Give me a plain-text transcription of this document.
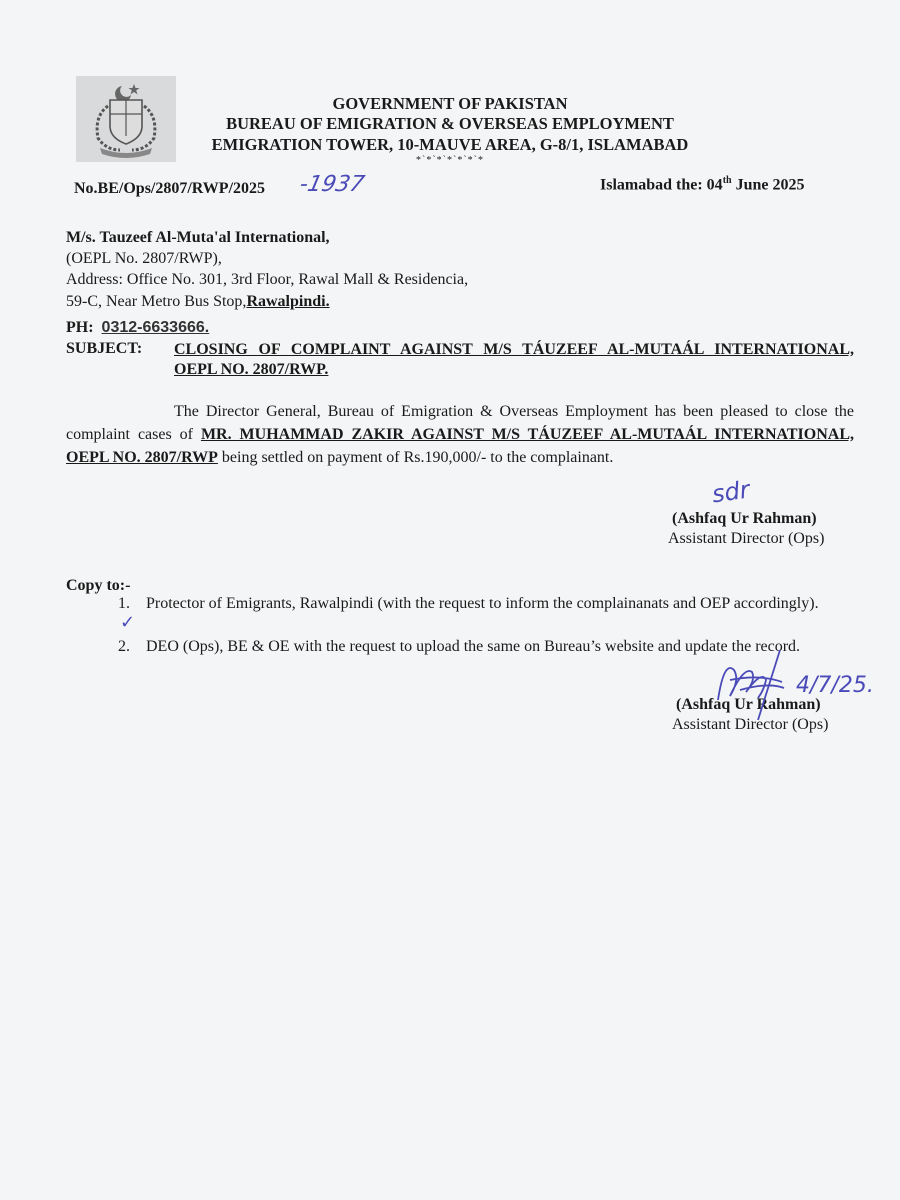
GOVERNMENT OF PAKISTAN
BUREAU OF EMIGRATION & OVERSEAS EMPLOYMENT
EMIGRATION TOWER, 10-MAUVE AREA, G-8/1, ISLAMABAD
*`*`*`*`*`*`*
No.BE/Ops/2807/RWP/2025 -1937	Islamabad the: 04th June 2025
M/s. Tauzeef Al-Muta'al International,
(OEPL No. 2807/RWP),
Address: Office No. 301, 3rd Floor, Rawal Mall & Residencia,
59-C, Near Metro Bus Stop,Rawalpindi.
PH: 0312-6633666.
SUBJECT: CLOSING OF COMPLAINT AGAINST M/S TÁUZEEF AL-MUTAÁL INTERNATIONAL, OEPL NO. 2807/RWP.
The Director General, Bureau of Emigration & Overseas Employment has been pleased to close the complaint cases of MR. MUHAMMAD ZAKIR AGAINST M/S TÁUZEEF AL-MUTAÁL INTERNATIONAL, OEPL NO. 2807/RWP being settled on payment of Rs.190,000/- to the complainant.
sdr
(Ashfaq Ur Rahman)
Assistant Director (Ops)
Copy to:-
1.	Protector of Emigrants, Rawalpindi (with the request to inform the complainanats and OEP accordingly).
✓
2.	DEO (Ops), BE & OE with the request to upload the same on Bureau’s website and update the record.
(Ashfaq Ur Rahman)
Assistant Director (Ops)
4/7/25.
